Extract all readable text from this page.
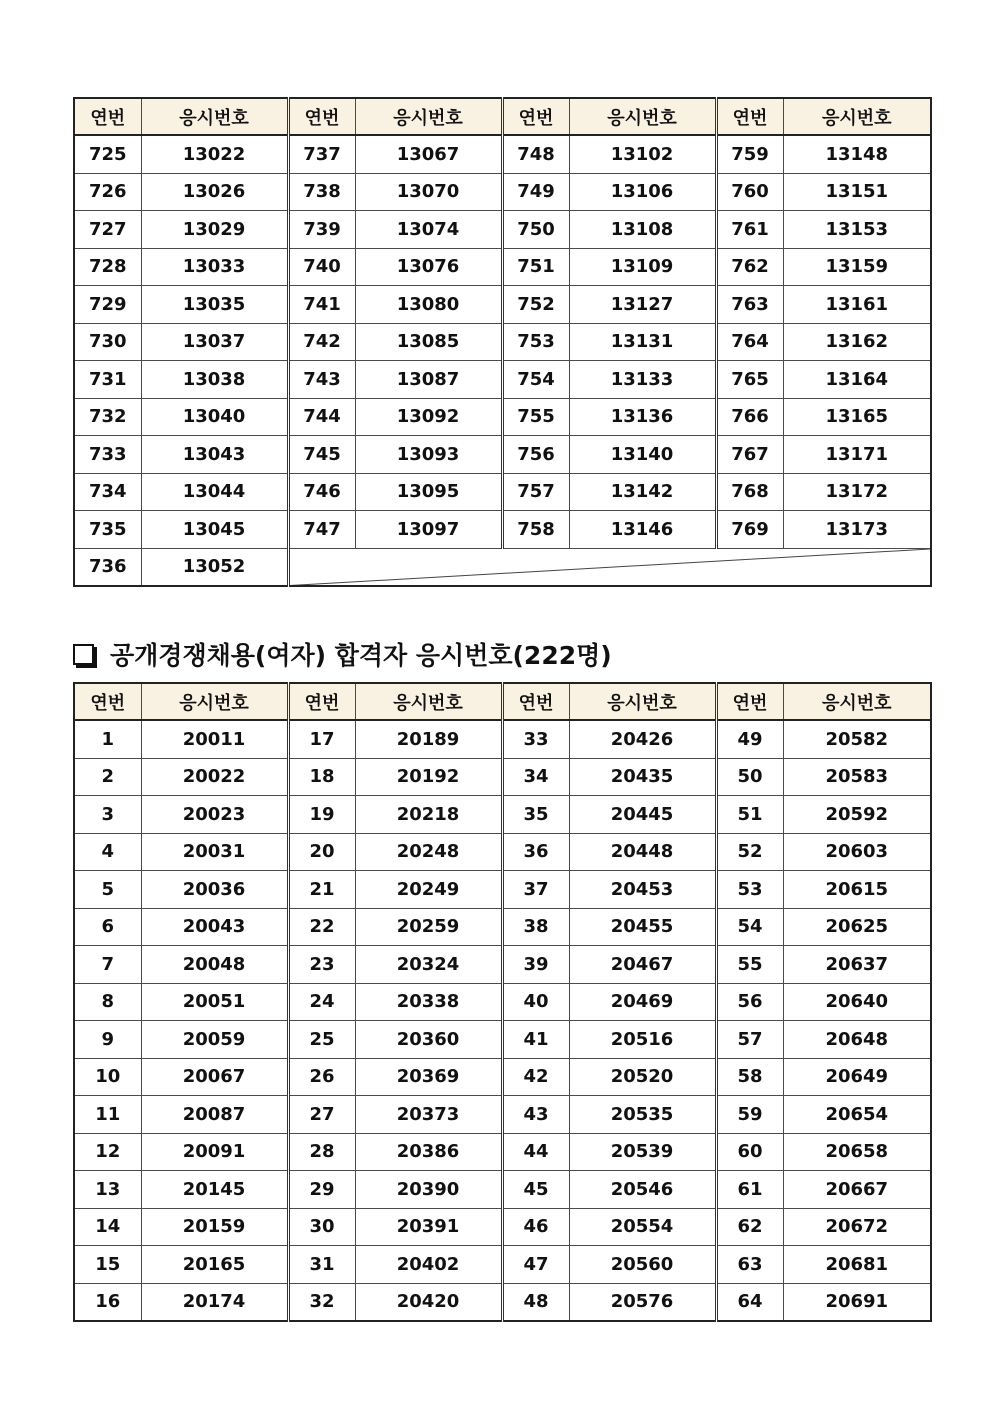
연번	응시번호	연번	응시번호	연번	응시번호	연번	응시번호
725	13022	737	13067	748	13102	759	13148
726	13026	738	13070	749	13106	760	13151
727	13029	739	13074	750	13108	761	13153
728	13033	740	13076	751	13109	762	13159
729	13035	741	13080	752	13127	763	13161
730	13037	742	13085	753	13131	764	13162
731	13038	743	13087	754	13133	765	13164
732	13040	744	13092	755	13136	766	13165
733	13043	745	13093	756	13140	767	13171
734	13044	746	13095	757	13142	768	13172
735	13045	747	13097	758	13146	769	13173
736	13052	
공개경쟁채용(여자) 합격자 응시번호(222명)
연번	응시번호	연번	응시번호	연번	응시번호	연번	응시번호
1	20011	17	20189	33	20426	49	20582
2	20022	18	20192	34	20435	50	20583
3	20023	19	20218	35	20445	51	20592
4	20031	20	20248	36	20448	52	20603
5	20036	21	20249	37	20453	53	20615
6	20043	22	20259	38	20455	54	20625
7	20048	23	20324	39	20467	55	20637
8	20051	24	20338	40	20469	56	20640
9	20059	25	20360	41	20516	57	20648
10	20067	26	20369	42	20520	58	20649
11	20087	27	20373	43	20535	59	20654
12	20091	28	20386	44	20539	60	20658
13	20145	29	20390	45	20546	61	20667
14	20159	30	20391	46	20554	62	20672
15	20165	31	20402	47	20560	63	20681
16	20174	32	20420	48	20576	64	20691
